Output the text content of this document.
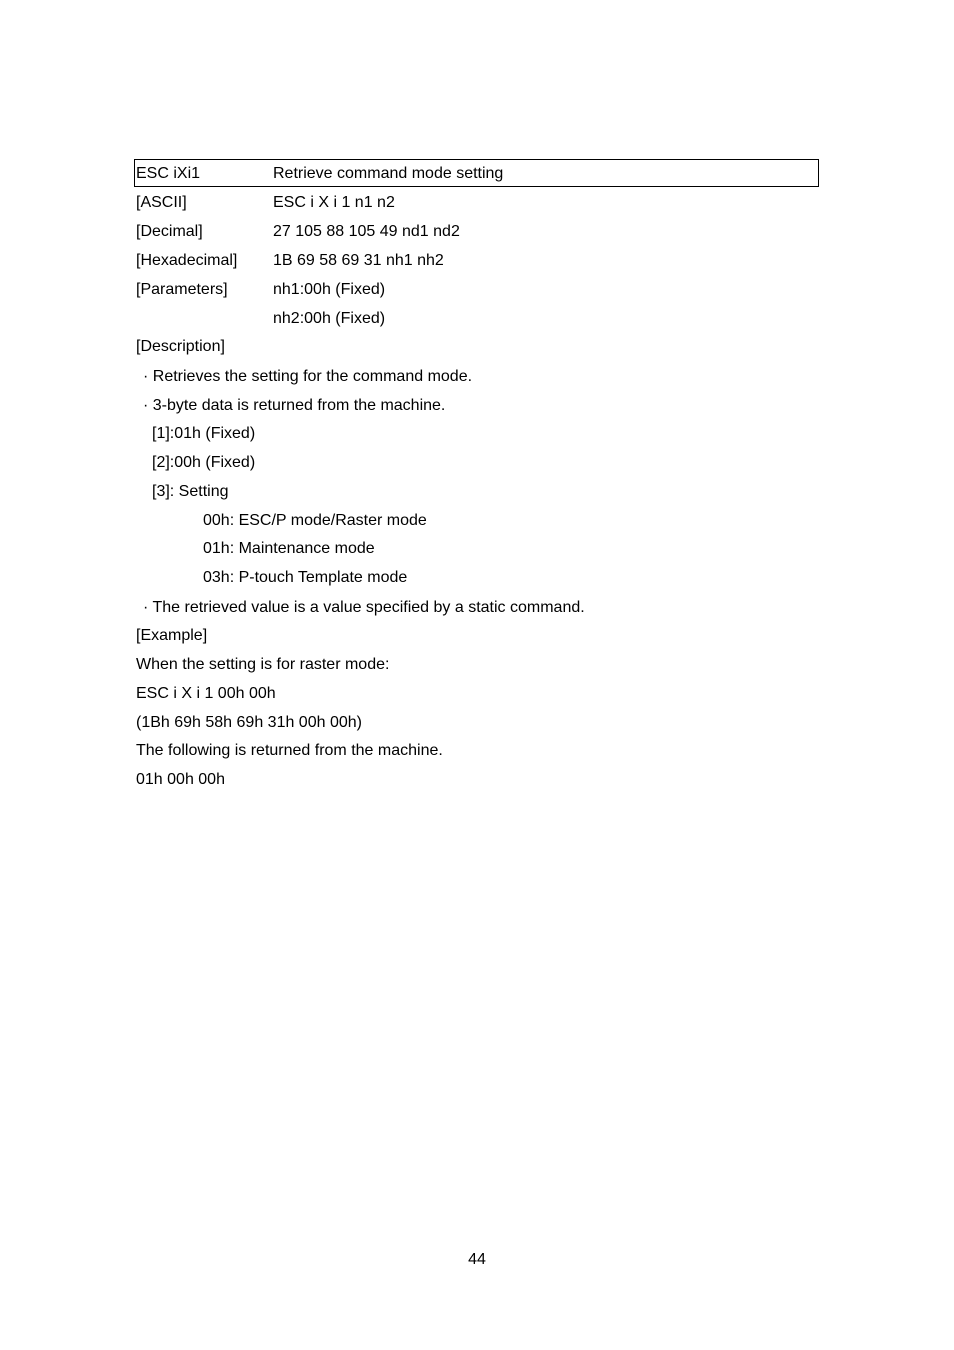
ESC iXi1	Retrieve command mode setting
[ASCII]	ESC i X i 1 n1 n2
[Decimal]	27 105 88 105 49 nd1 nd2
[Hexadecimal] 1B 69 58 69 31 nh1 nh2
[Parameters]	nh1:00h (Fixed)
nh2:00h (Fixed)
[Description]
· Retrieves the setting for the command mode.
· 3-byte data is returned from the machine.
[1]:01h (Fixed)
[2]:00h (Fixed)
[3]: Setting
00h: ESC/P mode/Raster mode
01h: Maintenance mode
03h: P-touch Template mode
· The retrieved value is a value specified by a static command.
[Example]
When the setting is for raster mode:
ESC i X i 1 00h 00h
(1Bh 69h 58h 69h 31h 00h 00h)
The following is returned from the machine.
01h 00h 00h
44
